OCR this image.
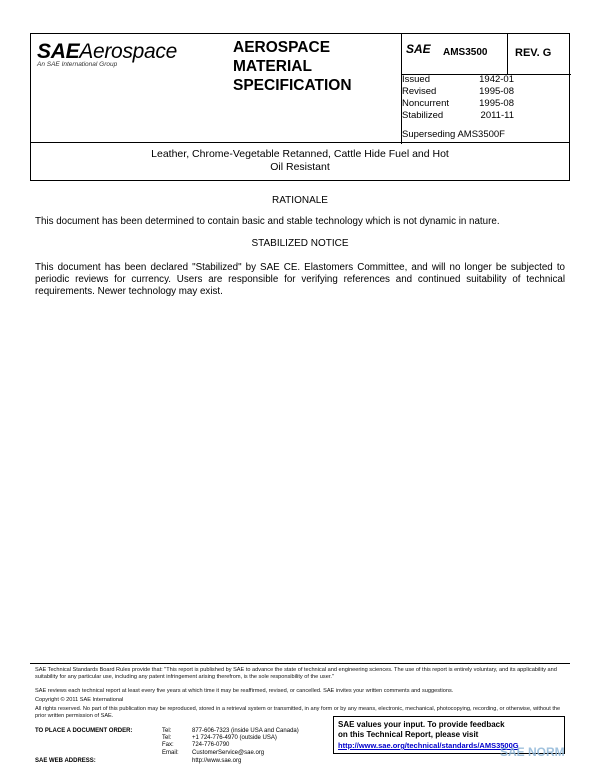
SAEAerospace
An SAE International Group
AEROSPACE
MATERIAL
SPECIFICATION
SAE AMS3500	REV. G
Issued	1942-01
Revised	1995-08
Noncurrent	1995-08
Stabilized	2011-11
Superseding AMS3500F
Leather, Chrome-Vegetable Retanned, Cattle Hide Fuel and Hot
Oil Resistant
RATIONALE
This document has been determined to contain basic and stable technology which is not dynamic in nature.
STABILIZED NOTICE
This document has been declared "Stabilized" by SAE CE. Elastomers Committee, and will no longer be subjected to periodic reviews for currency. Users are responsible for verifying references and continued suitability of technical requirements. Newer technology may exist.
SAE Technical Standards Board Rules provide that: "This report is published by SAE to advance the state of technical and engineering sciences. The use of this report is entirely voluntary, and its applicability and suitability for any particular use, including any patent infringement arising therefrom, is the sole responsibility of the user."
SAE reviews each technical report at least every five years at which time it may be reaffirmed, revised, or cancelled. SAE invites your written comments and suggestions.
Copyright © 2011 SAE International
All rights reserved. No part of this publication may be reproduced, stored in a retrieval system or transmitted, in any form or by any means, electronic, mechanical, photocopying, recording, or otherwise, without the prior written permission of SAE.
TO PLACE A DOCUMENT ORDER:
SAE WEB ADDRESS:
Tel:	877-606-7323 (inside USA and Canada)
Tel:	+1 724-776-4970 (outside USA)
Fax:	724-776-0790
Email: CustomerService@sae.org
http://www.sae.org
SAE values your input. To provide feedback
on this Technical Report, please visit
http://www.sae.org/technical/standards/AMS3500G
SAE NORM
